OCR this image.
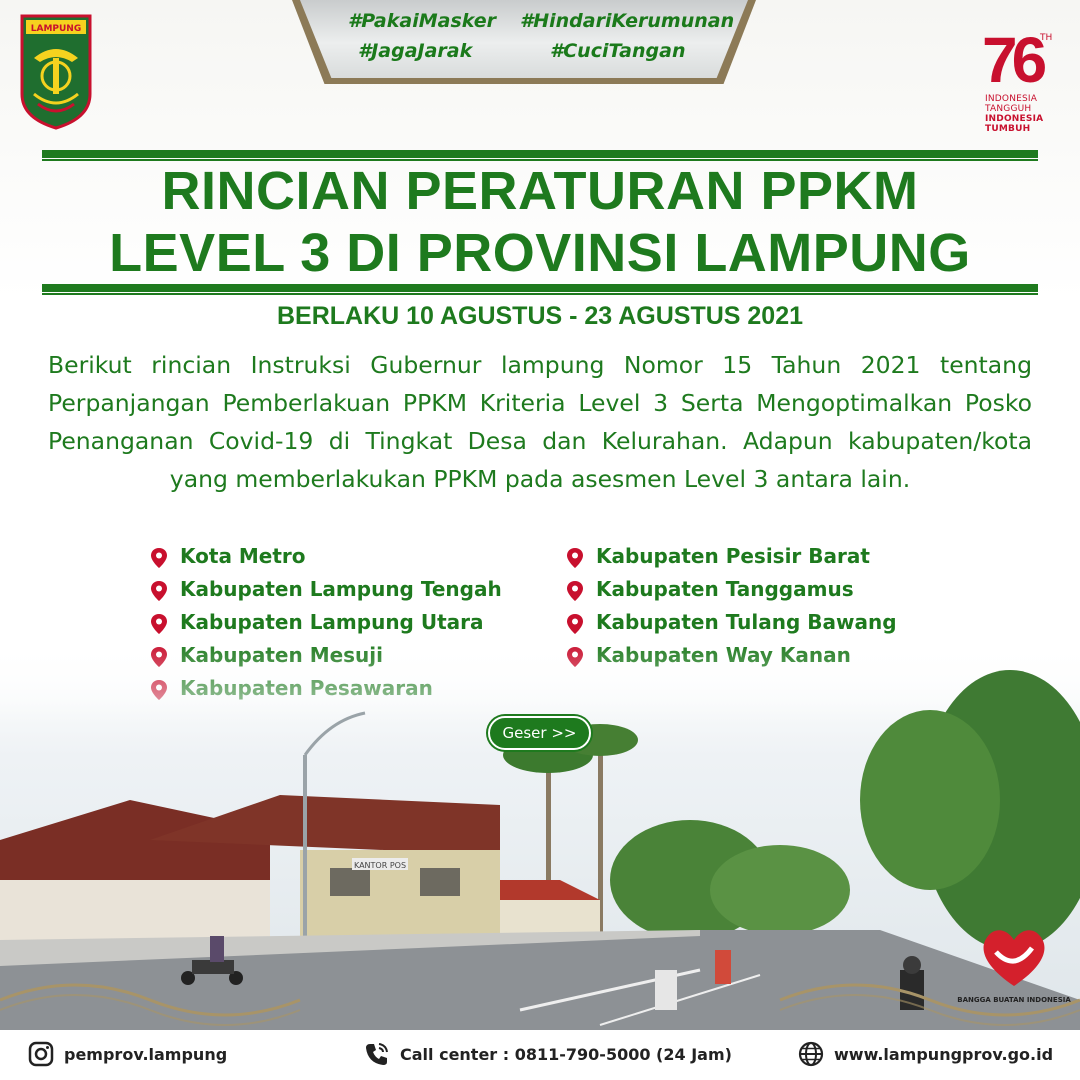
#PakaiMasker #HindariKerumunan
#JagaJarak	#CuciTangan
LAMPUNG	76
TH
INDONESIA
TANGGUH
INDONESIA
TUMBUH
RINCIAN PERATURAN PPKM
LEVEL 3 DI PROVINSI LAMPUNG
BERLAKU 10 AGUSTUS - 23 AGUSTUS 2021

Berikut rincian Instruksi Gubernur lampung Nomor 15 Tahun 2021 tentang Perpanjangan Pemberlakuan PPKM Kriteria Level 3 Serta Mengoptimalkan Posko Penanganan Covid-19 di Tingkat Desa dan Kelurahan. Adapun kabupaten/kota yang memberlakukan PPKM pada asesmen Level 3 antara lain.

Kota Metro
Kabupaten Lampung Tengah
Kabupaten Lampung Utara
Kabupaten Pesisir Barat
Kabupaten Tanggamus
Kabupaten Tulang Bawang
KANTOR POS
Geser >>
BANGGA BUATAN INDONESIA
pemprov.lampung	Call center : 0811-790-5000 (24 Jam)	www.lampungprov.go.id
